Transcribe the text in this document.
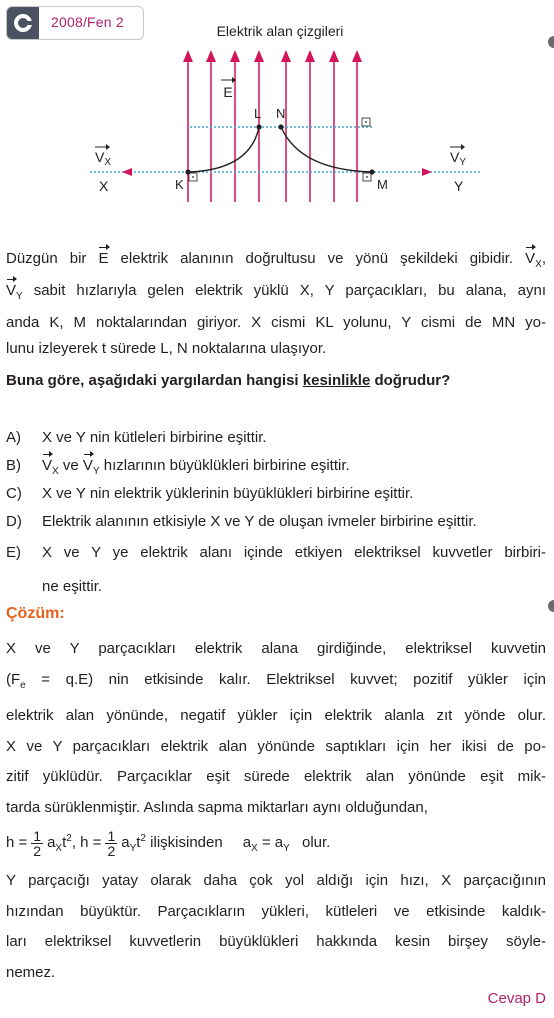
2008/Fen 2
Elektrik alan çizgileri
E
$V_X$	$V_Y$
X	Y
K	M
L N
Düzgün bir E elektrik alanının doğrultusu ve yönü şekildeki gibidir. $V_X$,
$V_Y$ sabit hızlarıyla gelen elektrik yüklü X, Y parçacıkları, bu alana, aynı
anda K, M noktalarından giriyor. X cismi KL yolunu, Y cismi de MN yo-
lunu izleyerek t sürede L, N noktalarına ulaşıyor.
Buna göre, aşağıdaki yargılardan hangisi kesinlikle doğrudur?
A) X ve Y nin kütleleri birbirine eşittir.
B) $V_X$ ve $V_Y$ hızlarının büyüklükleri birbirine eşittir.
C) X ve Y nin elektrik yüklerinin büyüklükleri birbirine eşittir.
D) Elektrik alanının etkisiyle X ve Y de oluşan ivmeler birbirine eşittir.
E) X ve Y ye elektrik alanı içinde etkiyen elektriksel kuvvetler birbiri-
ne eşittir.
Çözüm:
X ve Y parçacıkları elektrik alana girdiğinde, elektriksel kuvvetin
$(F_e = q.E)$ nin etkisinde kalır. Elektriksel kuvvet; pozitif yükler için
elektrik alan yönünde, negatif yükler için elektrik alanla zıt yönde olur.
X ve Y parçacıkları elektrik alan yönünde saptıkları için her ikisi de po-
zitif yüklüdür. Parçacıklar eşit sürede elektrik alan yönünde eşit mik-
tarda sürüklenmiştir. Aslında sapma miktarları aynı olduğundan,
$h = \frac{1}{2} a_Xt^2$, $h = \frac{1}{2} a_Yt^2$ ilişkisinden $a_X = a_Y$ olur.
Y parçacığı yatay olarak daha çok yol aldığı için hızı, X parçacığının
hızından büyüktür. Parçacıkların yükleri, kütleleri ve etkisinde kaldık-
ları elektriksel kuvvetlerin büyüklükleri hakkında kesin birşey söyle-
nemez.
Cevap D
